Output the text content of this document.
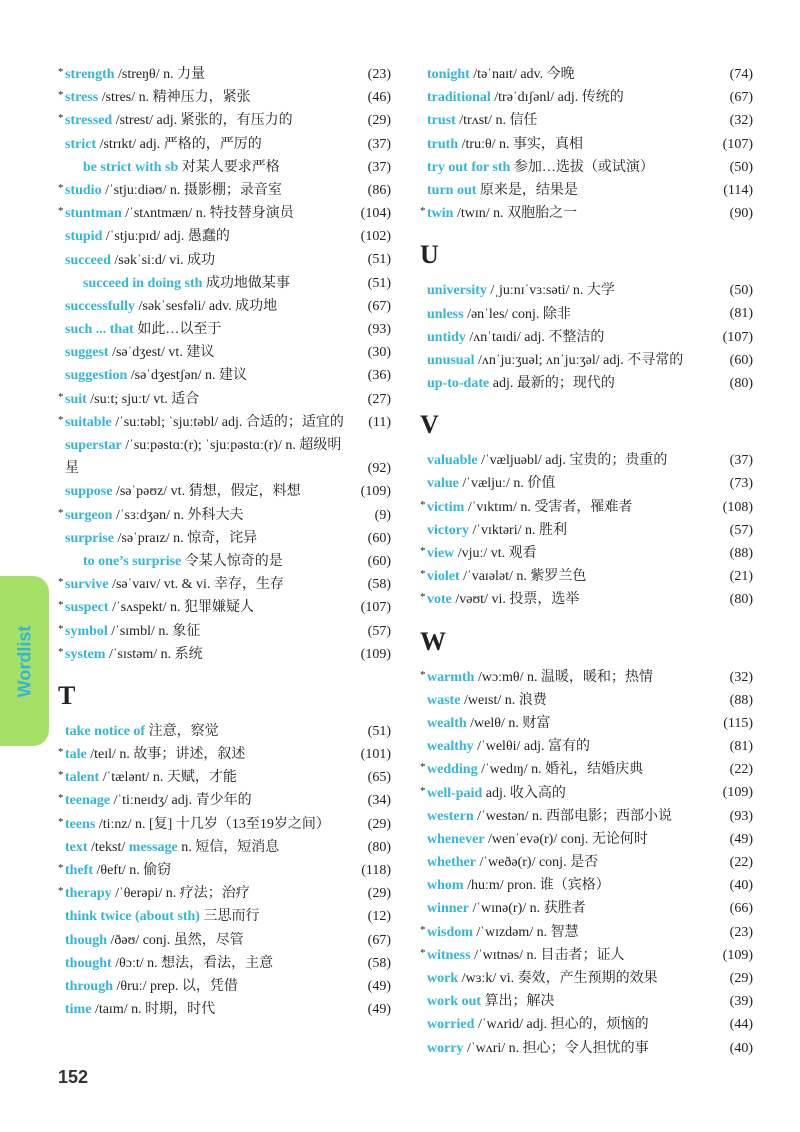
* strength /streŋθ/ n. 力量	(23)
* stress /stres/ n. 精神压力，紧张	(46)
* stressed /strest/ adj. 紧张的，有压力的	(29)
strict /strɪkt/ adj. 严格的，严厉的	(37)
be strict with sb 对某人要求严格	(37)
* studio /ˈstjuːdiəʊ/ n. 摄影棚；录音室	(86)
* stuntman /ˈstʌntmæn/ n. 特技替身演员	(104)
stupid /ˈstjuːpɪd/ adj. 愚蠢的	(102)
succeed /səkˈsiːd/ vi. 成功	(51)
succeed in doing sth 成功地做某事	(51)
successfully /səkˈsesfəli/ adv. 成功地	(67)
such ... that 如此…以至于	(93)
suggest /səˈdʒest/ vt. 建议	(30)
suggestion /səˈdʒestʃən/ n. 建议	(36)
* suit /suːt; sjuːt/ vt. 适合	(27)
* suitable /ˈsuːtəbl; ˈsjuːtəbl/ adj. 合适的；适宜的	(11)
superstar /ˈsuːpəstɑː(r); ˈsjuːpəstɑː(r)/ n. 超级明星	(92)
suppose /səˈpəʊz/ vt. 猜想，假定，料想	(109)
* surgeon /ˈsɜːdʒən/ n. 外科大夫	(9)
surprise /səˈpraɪz/ n. 惊奇，诧异	(60)
to one’s surprise 令某人惊奇的是	(60)
* survive /səˈvaɪv/ vt. & vi. 幸存，生存	(58)
* suspect /ˈsʌspekt/ n. 犯罪嫌疑人	(107)
* symbol /ˈsɪmbl/ n. 象征	(57)
* system /ˈsɪstəm/ n. 系统	(109)
T
take notice of 注意，察觉	(51)
* tale /teɪl/ n. 故事；讲述，叙述	(101)
* talent /ˈtælənt/ n. 天赋，才能	(65)
* teenage /ˈtiːneɪdʒ/ adj. 青少年的	(34)
* teens /tiːnz/ n. [复] 十几岁（13至19岁之间）	(29)
text /tekst/ message n. 短信，短消息	(80)
* theft /θeft/ n. 偷窃	(118)
* therapy /ˈθerəpi/ n. 疗法；治疗	(29)
think twice (about sth) 三思而行	(12)
though /ðəʊ/ conj. 虽然，尽管	(67)
thought /θɔːt/ n. 想法，看法，主意	(58)
through /θruː/ prep. 以，凭借	(49)
time /taɪm/ n. 时期，时代	(49)
tonight /təˈnaɪt/ adv. 今晚	(74)
traditional /trəˈdɪʃənl/ adj. 传统的	(67)
trust /trʌst/ n. 信任	(32)
truth /truːθ/ n. 事实，真相	(107)
try out for sth 参加…选拔（或试演）	(50)
turn out 原来是，结果是	(114)
* twin /twɪn/ n. 双胞胎之一	(90)
U
university /ˌjuːnɪˈvɜːsəti/ n. 大学	(50)
unless /ənˈles/ conj. 除非	(81)
untidy /ʌnˈtaɪdi/ adj. 不整洁的	(107)
unusual /ʌnˈjuːʒuəl; ʌnˈjuːʒəl/ adj. 不寻常的	(60)
up-to-date adj. 最新的；现代的	(80)
V
valuable /ˈvæljuəbl/ adj. 宝贵的；贵重的	(37)
value /ˈvæljuː/ n. 价值	(73)
* victim /ˈvɪktɪm/ n. 受害者，罹难者	(108)
victory /ˈvɪktəri/ n. 胜利	(57)
* view /vjuː/ vt. 观看	(88)
* violet /ˈvaɪələt/ n. 紫罗兰色	(21)
* vote /vəʊt/ vi. 投票，选举	(80)
W
* warmth /wɔːmθ/ n. 温暖，暖和；热情	(32)
waste /weɪst/ n. 浪费	(88)
wealth /welθ/ n. 财富	(115)
wealthy /ˈwelθi/ adj. 富有的	(81)
* wedding /ˈwedɪŋ/ n. 婚礼，结婚庆典	(22)
* well-paid adj. 收入高的	(109)
western /ˈwestən/ n. 西部电影；西部小说	(93)
whenever /wenˈevə(r)/ conj. 无论何时	(49)
whether /ˈweðə(r)/ conj. 是否	(22)
whom /huːm/ pron. 谁（宾格）	(40)
winner /ˈwɪnə(r)/ n. 获胜者	(66)
* wisdom /ˈwɪzdəm/ n. 智慧	(23)
* witness /ˈwɪtnəs/ n. 目击者；证人	(109)
work /wɜːk/ vi. 奏效，产生预期的效果	(29)
work out 算出；解决	(39)
worried /ˈwʌrid/ adj. 担心的，烦恼的	(44)
worry /ˈwʌri/ n. 担心；令人担忧的事	(40)
Wordlist
152
